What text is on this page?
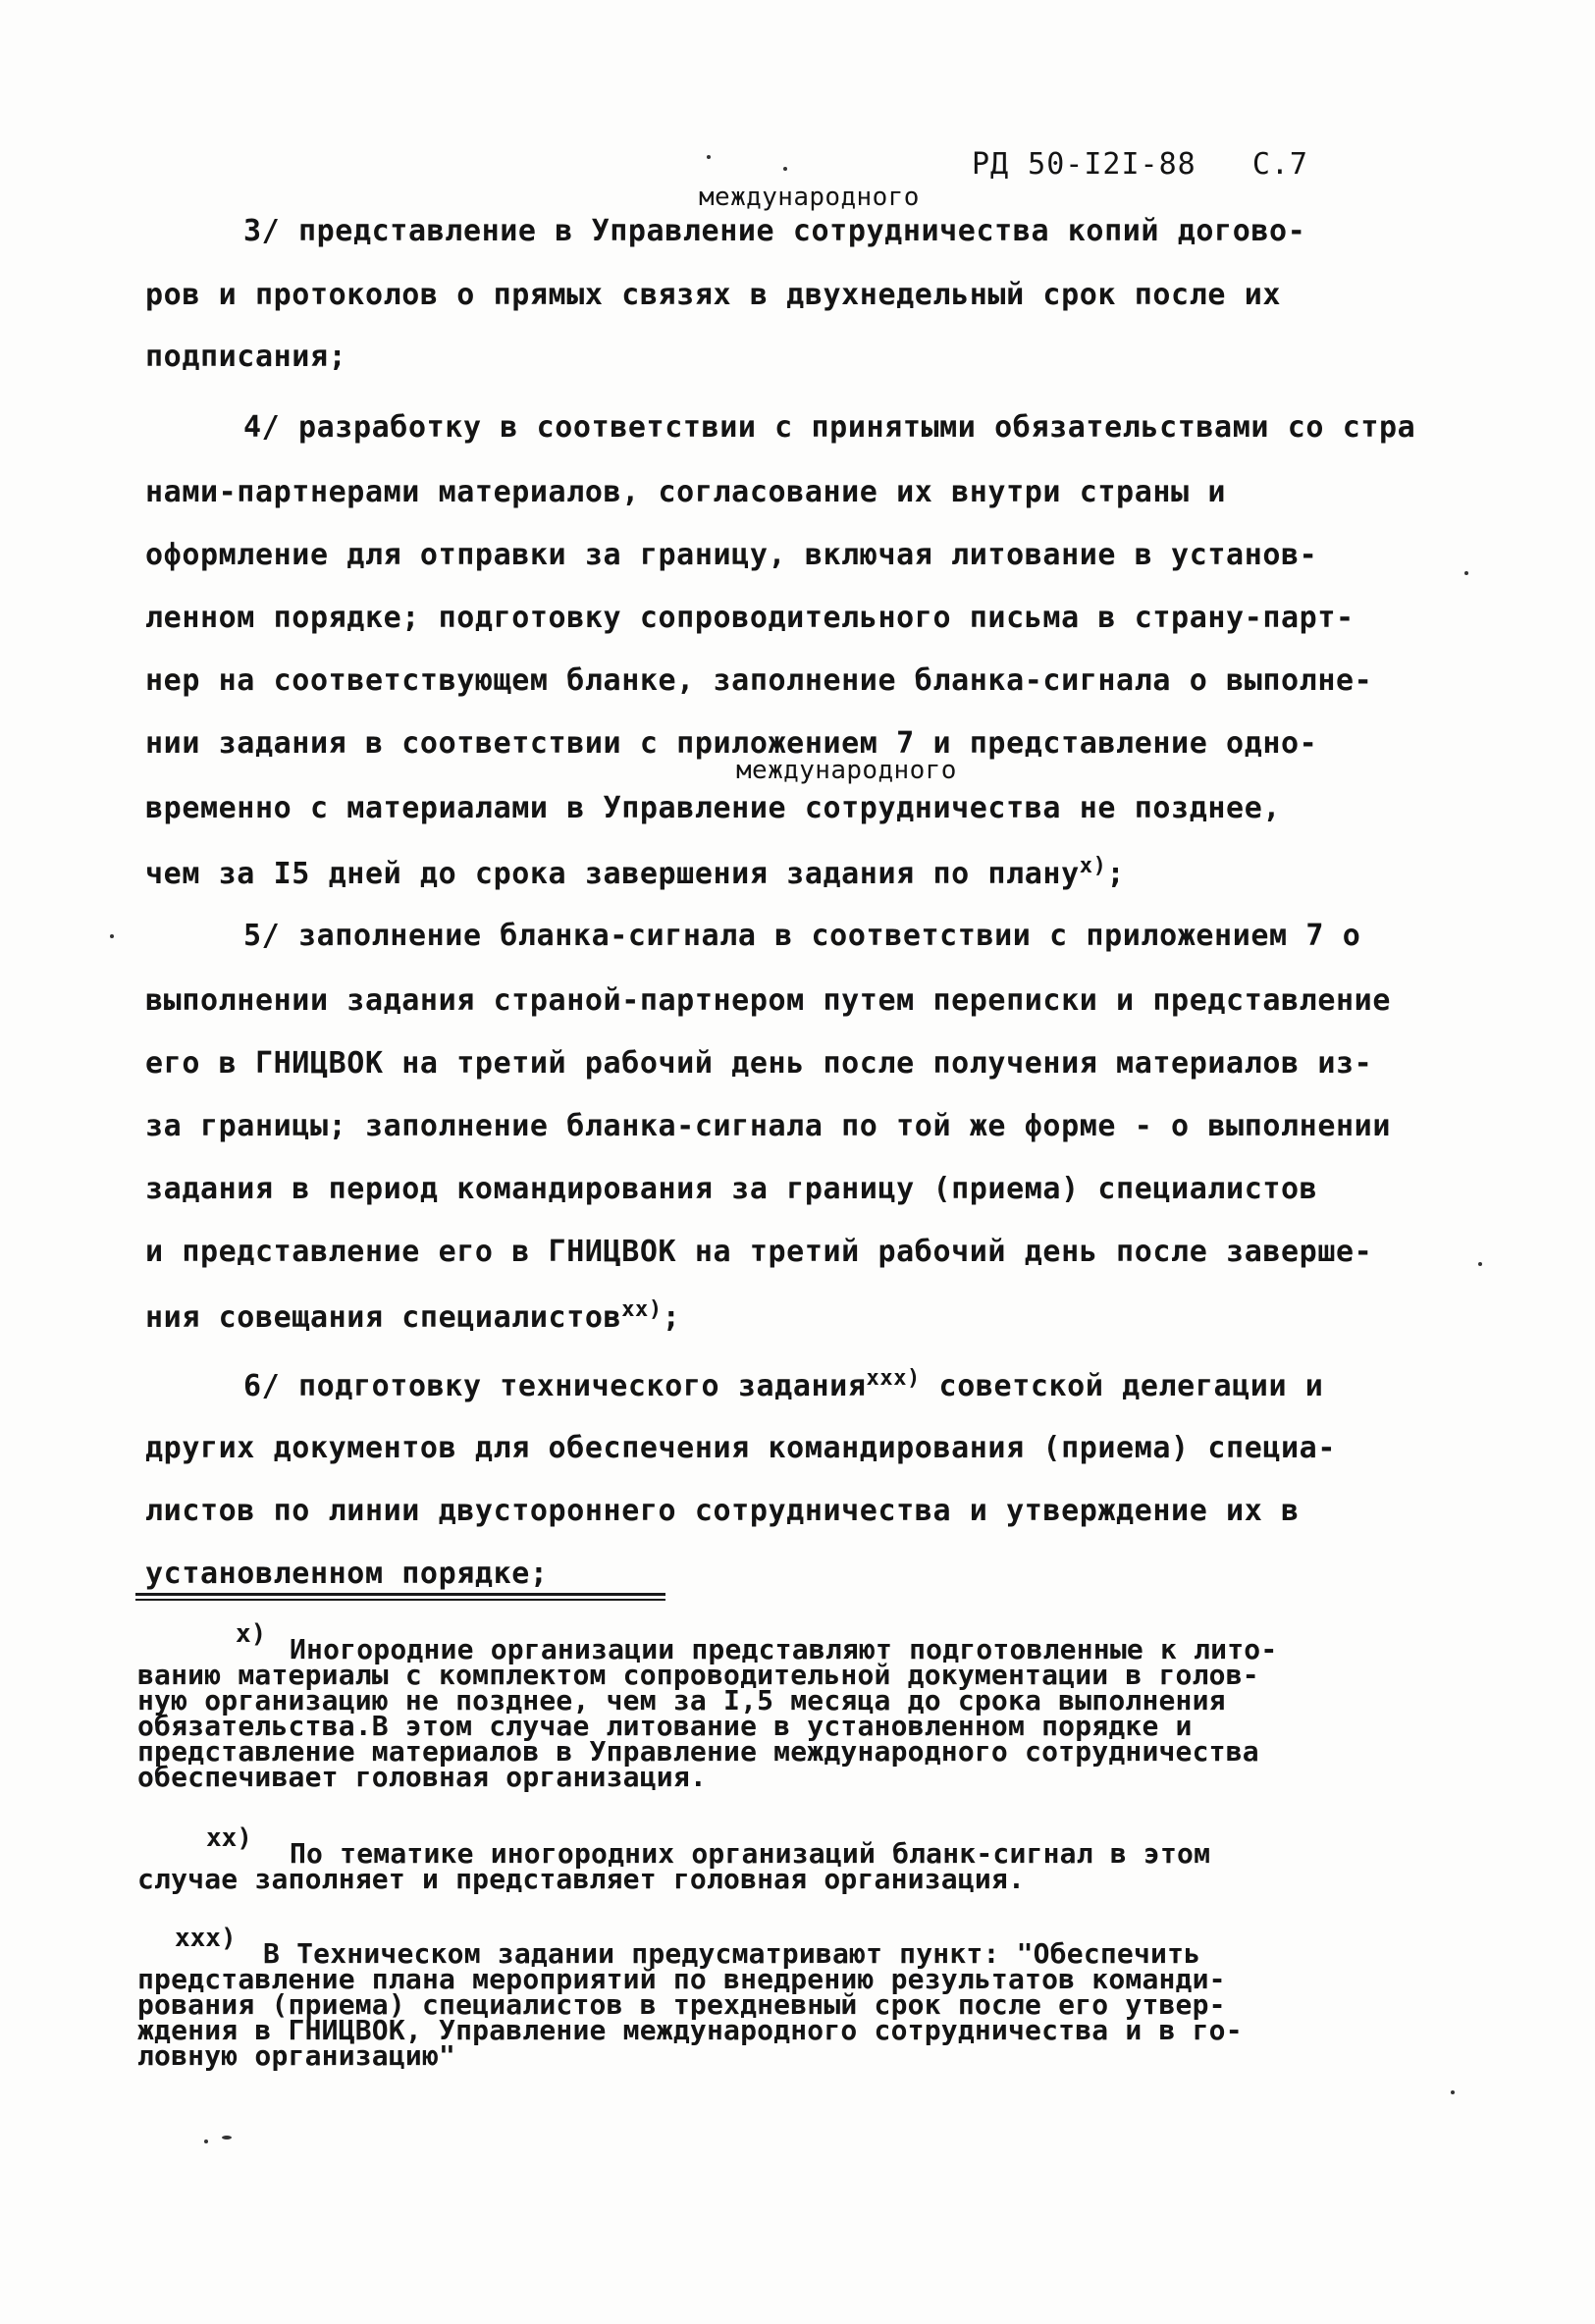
РД 50-I2I-88 С.7
международного
3/ представление в Управление сотрудничества копий догово-
ров и протоколов о прямых связях в двухнедельный срок после их
подписания;
4/ разработку в соответствии с принятыми обязательствами со стра
нами-партнерами материалов, согласование их внутри страны и
оформление для отправки за границу, включая литование в установ-
ленном порядке; подготовку сопроводительного письма в страну-парт-
нер на соответствующем бланке, заполнение бланка-сигнала о выполне-
нии задания в соответствии с приложением 7 и представление одно-
международного
временно с материалами в Управление сотрудничества не позднее,
чем за I5 дней до срока завершения задания по плану$^{x)}$;
5/ заполнение бланка-сигнала в соответствии с приложением 7 о
выполнении задания страной-партнером путем переписки и представление
его в ГНИЦВОК на третий рабочий день после получения материалов из-
за границы; заполнение бланка-сигнала по той же форме - о выполнении
задания в период командирования за границу (приема) специалистов
и представление его в ГНИЦВОК на третий рабочий день после заверше-
ния совещания специалистов$^{xx)}$;
6/ подготовку технического задания$^{xxx)}$ советской делегации и
других документов для обеспечения командирования (приема) специа-
листов по линии двустороннего сотрудничества и утверждение их в
установленном порядке;
x) Иногородние организации представляют подготовленные к лито-
ванию материалы с комплектом сопроводительной документации в голов-
ную организацию не позднее, чем за I,5 месяца до срока выполнения
обязательства.В этом случае литование в установленном порядке и
представление материалов в Управление международного сотрудничества
обеспечивает головная организация.
xx) По тематике иногородних организаций бланк-сигнал в этом
случае заполняет и представляет головная организация.
xxx) В Техническом задании предусматривают пункт: "Обеспечить
представление плана мероприятий по внедрению результатов команди-
рования (приема) специалистов в трехдневный срок после его утвер-
ждения в ГНИЦВОК, Управление международного сотрудничества и в го-
ловную организацию"
